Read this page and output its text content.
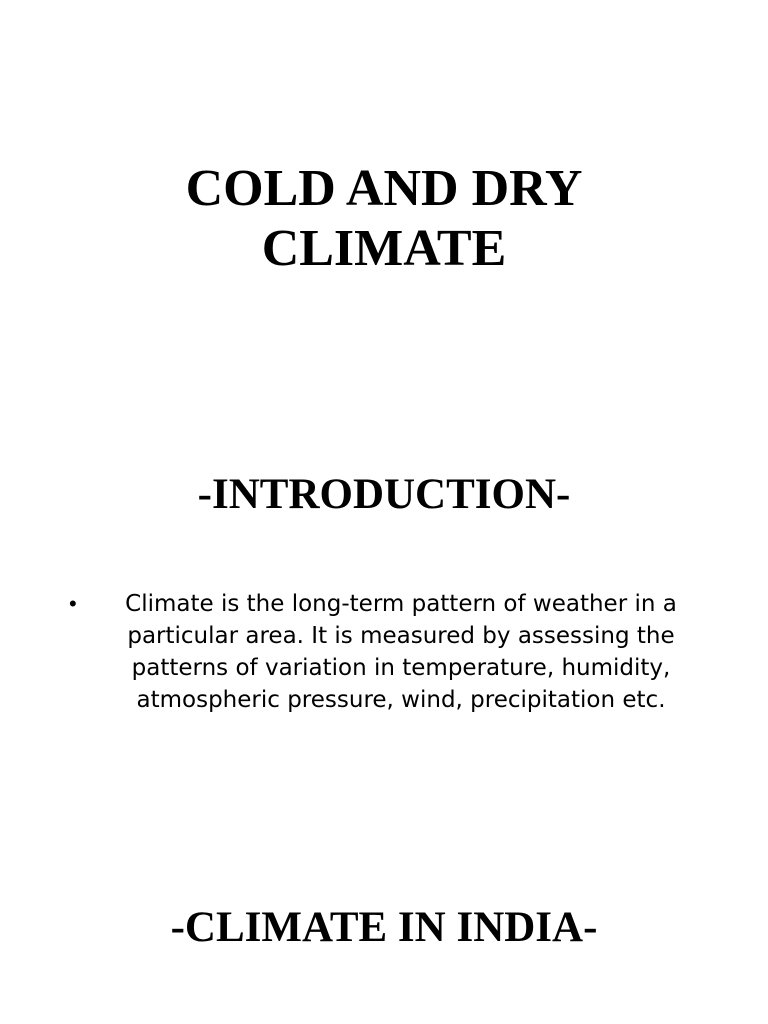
COLD AND DRY
CLIMATE
-INTRODUCTION-
• Climate is the long-term pattern of weather in a particular area. It is measured by assessing the patterns of variation in temperature, humidity, atmospheric pressure, wind, precipitation etc.
-CLIMATE IN INDIA-
